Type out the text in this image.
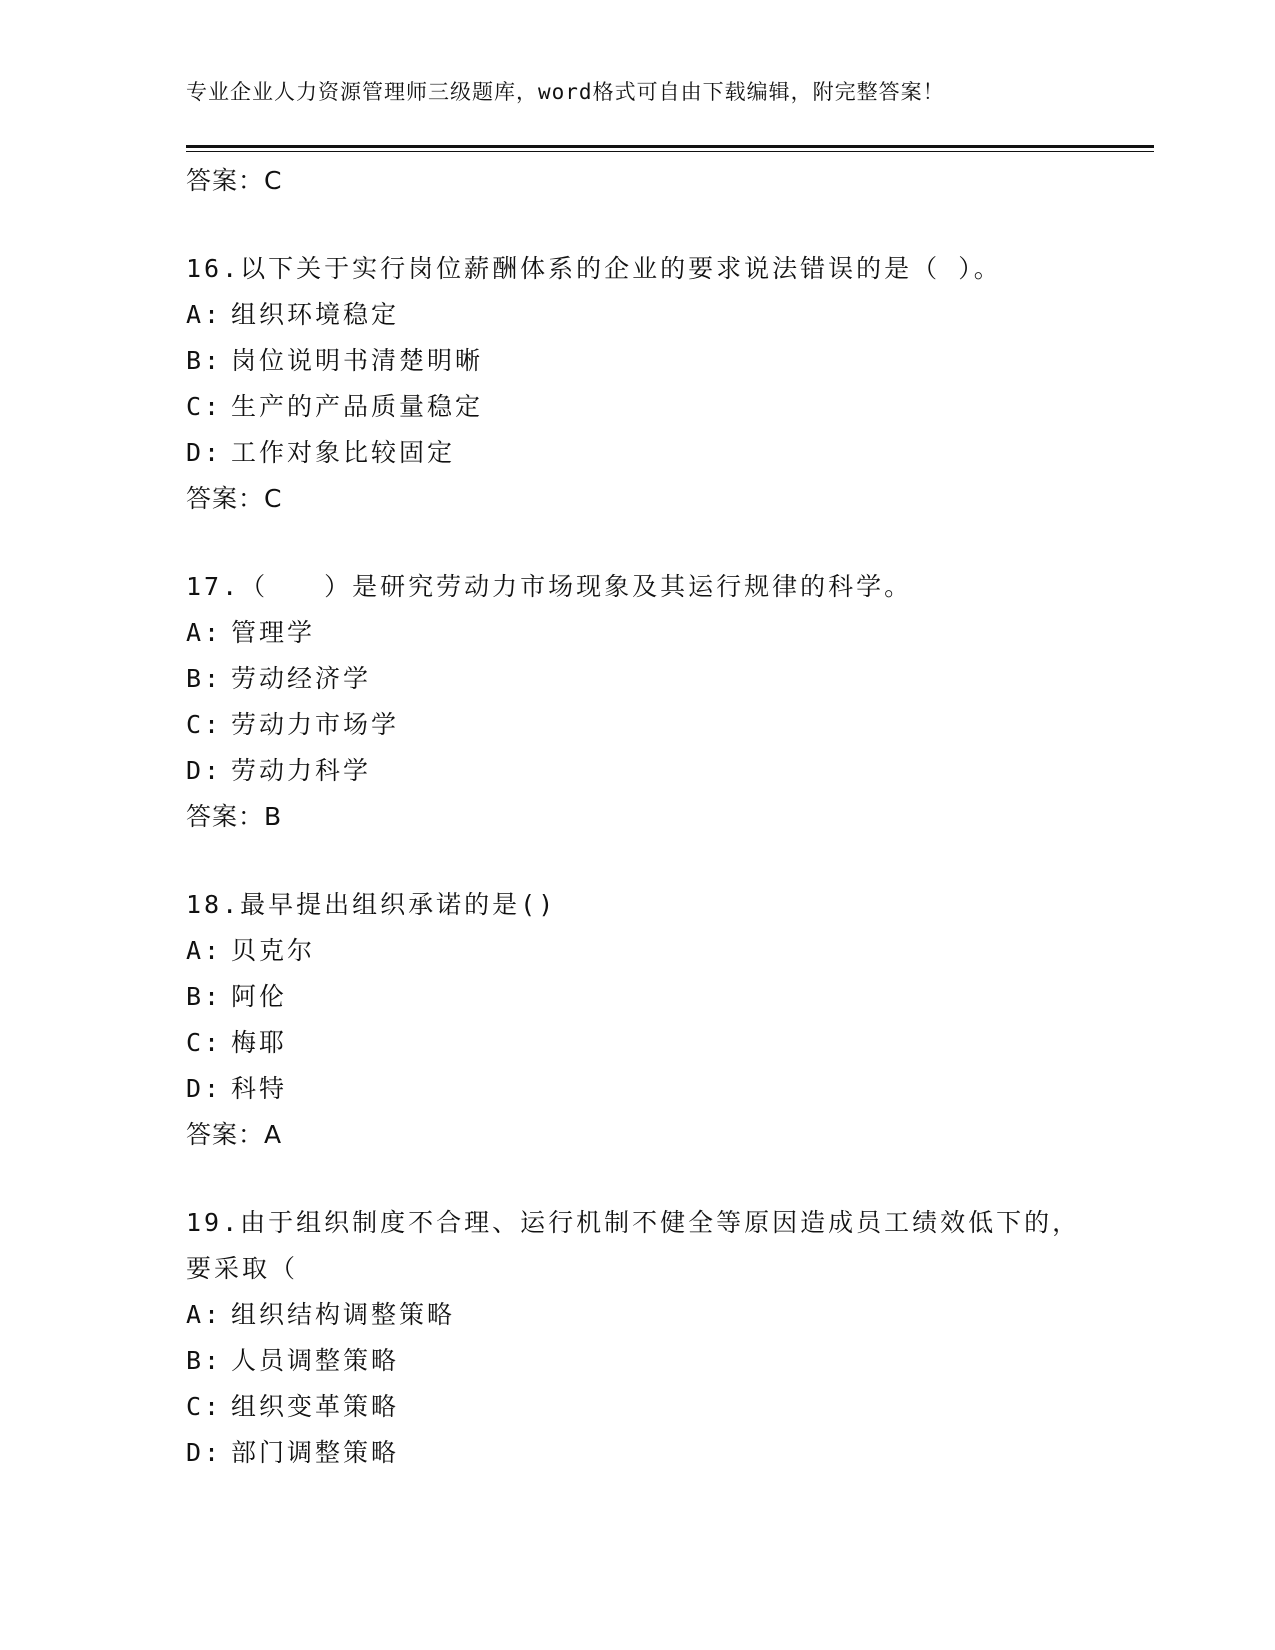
专业企业人力资源管理师三级题库，word格式可自由下载编辑，附完整答案！
答案：C
16.以下关于实行岗位薪酬体系的企业的要求说法错误的是（ ）。
A: 组织环境稳定
B: 岗位说明书清楚明晰
C: 生产的产品质量稳定
D: 工作对象比较固定
答案：C
17.（　　）是研究劳动力市场现象及其运行规律的科学。
A: 管理学
B: 劳动经济学
C: 劳动力市场学
D: 劳动力科学
答案：B
18.最早提出组织承诺的是()
A: 贝克尔
B: 阿伦
C: 梅耶
D: 科特
答案：A
19.由于组织制度不合理、运行机制不健全等原因造成员工绩效低下的，要采取（
A: 组织结构调整策略
B: 人员调整策略
C: 组织变革策略
D: 部门调整策略
